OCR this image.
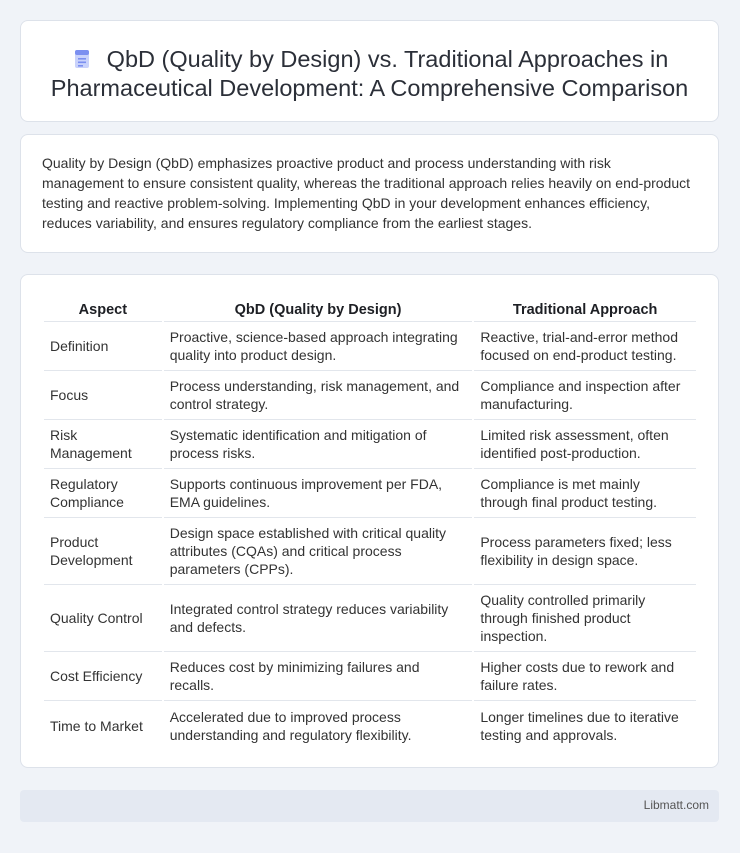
QbD (Quality by Design) vs. Traditional Approaches in Pharmaceutical Development: A Comprehensive Comparison

Quality by Design (QbD) emphasizes proactive product and process understanding with risk management to ensure consistent quality, whereas the traditional approach relies heavily on end-product testing and reactive problem-solving. Implementing QbD in your development enhances efficiency, reduces variability, and ensures regulatory compliance from the earliest stages.

Aspect	QbD (Quality by Design)	Traditional Approach
Definition	Proactive, science-based approach integrating quality into product design.	Reactive, trial-and-error method focused on end-product testing.
Focus	Process understanding, risk management, and control strategy.	Compliance and inspection after manufacturing.
Risk Management	Systematic identification and mitigation of process risks.	Limited risk assessment, often identified post-production.
Regulatory Compliance	Supports continuous improvement per FDA, EMA guidelines.	Compliance is met mainly through final product testing.
Product Development	Design space established with critical quality attributes (CQAs) and critical process parameters (CPPs).	Process parameters fixed; less flexibility in design space.
Quality Control	Integrated control strategy reduces variability and defects.	Quality controlled primarily through finished product inspection.
Cost Efficiency	Reduces cost by minimizing failures and recalls.	Higher costs due to rework and failure rates.
Time to Market	Accelerated due to improved process understanding and regulatory flexibility.	Longer timelines due to iterative testing and approvals.
Libmatt.com
